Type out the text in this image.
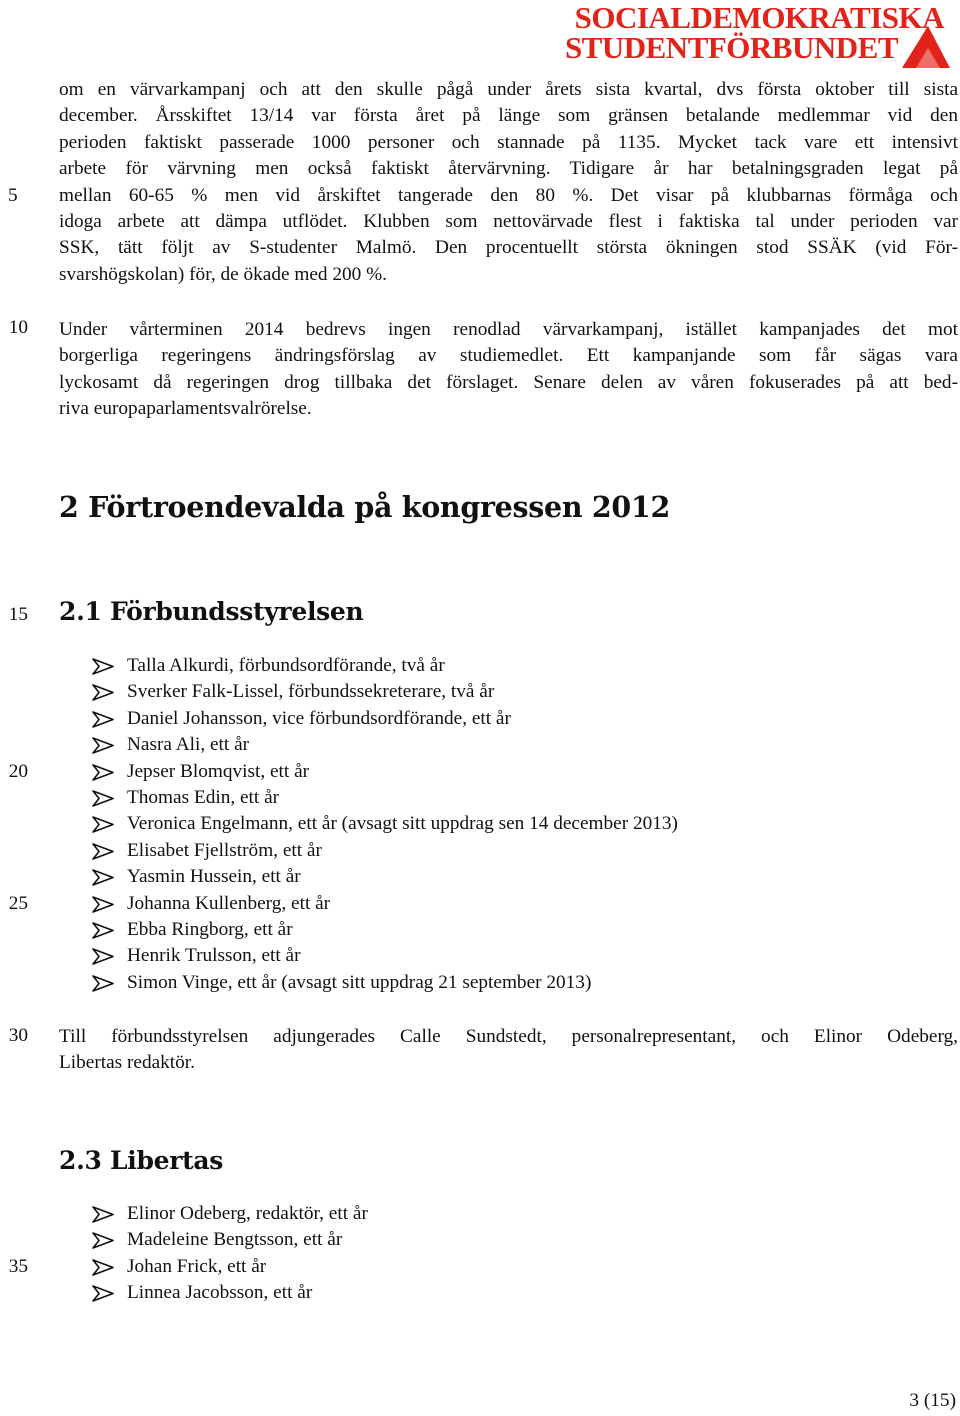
SOCIALDEMOKRATISKA
STUDENTFÖRBUNDET
5
10
15
20
25
30
35
om en värvarkampanj och att den skulle pågå under årets sista kvartal, dvs första oktober till sista
december. Årsskiftet 13/14 var första året på länge som gränsen betalande medlemmar vid den
perioden faktiskt passerade 1000 personer och stannade på 1135. Mycket tack vare ett intensivt
arbete för värvning men också faktiskt återvärvning. Tidigare år har betalningsgraden legat på
mellan 60-65 % men vid årskiftet tangerade den 80 %. Det visar på klubbarnas förmåga och
idoga arbete att dämpa utflödet. Klubben som nettovärvade flest i faktiska tal under perioden var
SSK, tätt följt av S-studenter Malmö. Den procentuellt största ökningen stod SSÄK (vid För-
svarshögskolan) för, de ökade med 200 %.
Under vårterminen 2014 bedrevs ingen renodlad värvarkampanj, istället kampanjades det mot
borgerliga regeringens ändringsförslag av studiemedlet. Ett kampanjande som får sägas vara
lyckosamt då regeringen drog tillbaka det förslaget. Senare delen av våren fokuserades på att bed-
riva europaparlamentsvalrörelse.
2 Förtroendevalda på kongressen 2012
2.1 Förbundsstyrelsen
Talla Alkurdi, förbundsordförande, två år
Sverker Falk-Lissel, förbundssekreterare, två år
Daniel Johansson, vice förbundsordförande, ett år
Nasra Ali, ett år
Jepser Blomqvist, ett år
Thomas Edin, ett år
Veronica Engelmann, ett år (avsagt sitt uppdrag sen 14 december 2013)
Elisabet Fjellström, ett år
Yasmin Hussein, ett år
Johanna Kullenberg, ett år
Ebba Ringborg, ett år
Henrik Trulsson, ett år
Simon Vinge, ett år (avsagt sitt uppdrag 21 september 2013)
Till förbundsstyrelsen adjungerades Calle Sundstedt, personalrepresentant, och Elinor Odeberg,
Libertas redaktör.
2.3 Libertas
Elinor Odeberg, redaktör, ett år
Madeleine Bengtsson, ett år
Johan Frick, ett år
Linnea Jacobsson, ett år
3 (15)
